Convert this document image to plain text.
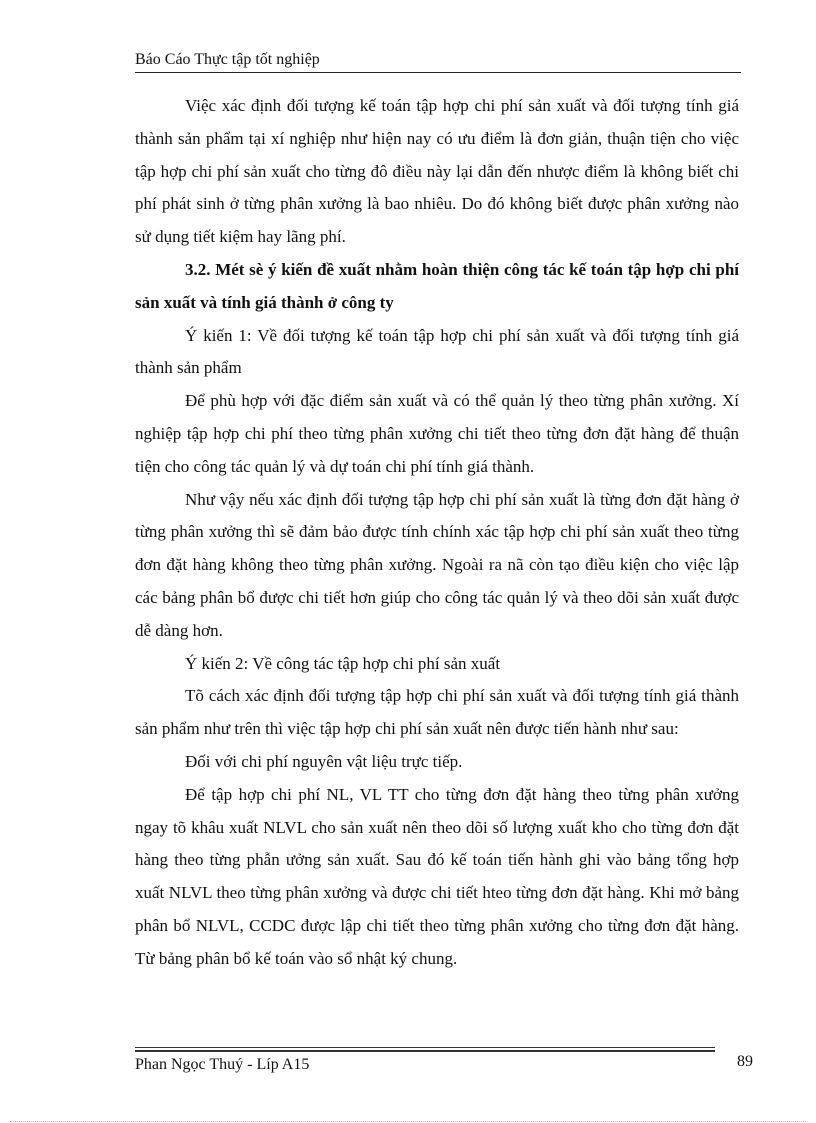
Báo Cáo Thực tập tốt nghiệp

Việc xác định đối tượng kế toán tập hợp chi phí sản xuất và đối tượng tính giá thành sản phẩm tại xí nghiệp như hiện nay có ưu điểm là đơn giản, thuận tiện cho việc tập hợp chi phí sản xuất cho từng đô điều này lại dẫn đến nhược điểm là không biết chi phí phát sinh ở từng phân xưởng là bao nhiêu. Do đó không biết được phân xưởng nào sử dụng tiết kiệm hay lãng phí.

3.2. Mét sè ý kiến đề xuất nhằm hoàn thiện công tác kế toán tập hợp chi phí sản xuất và tính giá thành ở công ty

Ý kiến 1: Về đối tượng kế toán tập hợp chi phí sản xuất và đối tượng tính giá thành sản phẩm

Để phù hợp với đặc điểm sản xuất và có thể quản lý theo từng phân xưởng. Xí nghiệp tập hợp chi phí theo từng phân xưởng chi tiết theo từng đơn đặt hàng để thuận tiện cho công tác quản lý và dự toán chi phí tính giá thành.

Như vậy nếu xác định đối tượng tập hợp chi phí sản xuất là từng đơn đặt hàng ở từng phân xưởng thì sẽ đảm bảo được tính chính xác tập hợp chi phí sản xuất theo từng đơn đặt hàng không theo từng phân xưởng. Ngoài ra nã còn tạo điều kiện cho việc lập các bảng phân bổ được chi tiết hơn giúp cho công tác quản lý và theo dõi sản xuất được dễ dàng hơn.

Ý kiến 2: Về công tác tập hợp chi phí sản xuất

Tõ cách xác định đối tượng tập hợp chi phí sản xuất và đối tượng tính giá thành sản phẩm như trên thì việc tập hợp chi phí sản xuất nên được tiến hành như sau:

Đối với chi phí nguyên vật liệu trực tiếp.

Để tập hợp chi phí NL, VL TT cho từng đơn đặt hàng theo từng phân xưởng ngay tõ khâu xuất NLVL cho sản xuất nên theo dõi số lượng xuất kho cho từng đơn đặt hàng theo từng phẫn ưởng sản xuất. Sau đó kế toán tiến hành ghi vào bảng tổng hợp xuất NLVL theo từng phân xưởng và được chi tiết hteo từng đơn đặt hàng. Khi mở bảng phân bổ NLVL, CCDC được lập chi tiết theo từng phân xưởng cho từng đơn đặt hàng. Từ bảng phân bổ kế toán vào sổ nhật ký chung.

Phan Ngọc Thuý - Líp A15	89
